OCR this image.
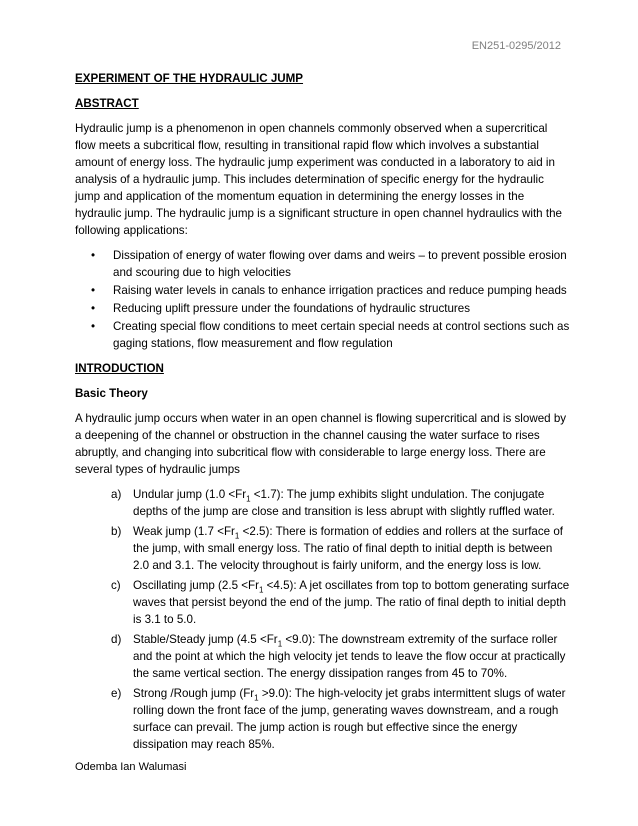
EN251-0295/2012
EXPERIMENT OF THE HYDRAULIC JUMP
ABSTRACT

Hydraulic jump is a phenomenon in open channels commonly observed when a supercritical flow meets a subcritical flow, resulting in transitional rapid flow which involves a substantial amount of energy loss. The hydraulic jump experiment was conducted in a laboratory to aid in analysis of a hydraulic jump. This includes determination of specific energy for the hydraulic jump and application of the momentum equation in determining the energy losses in the hydraulic jump. The hydraulic jump is a significant structure in open channel hydraulics with the following applications:

• Dissipation of energy of water flowing over dams and weirs – to prevent possible erosion and scouring due to high velocities
• Raising water levels in canals to enhance irrigation practices and reduce pumping heads
• Reducing uplift pressure under the foundations of hydraulic structures
• Creating special flow conditions to meet certain special needs at control sections such as gaging stations, flow measurement and flow regulation
INTRODUCTION
Basic Theory

A hydraulic jump occurs when water in an open channel is flowing supercritical and is slowed by a deepening of the channel or obstruction in the channel causing the water surface to rises abruptly, and changing into subcritical flow with considerable to large energy loss. There are several types of hydraulic jumps

a) Undular jump $(1.0 <Fr_1 <1.7)$: The jump exhibits slight undulation. The conjugate depths of the jump are close and transition is less abrupt with slightly ruffled water.
b) Weak jump $(1.7 <Fr_1 <2.5)$: There is formation of eddies and rollers at the surface of the jump, with small energy loss. The ratio of final depth to initial depth is between 2.0 and 3.1. The velocity throughout is fairly uniform, and the energy loss is low.
c) Oscillating jump $(2.5 <Fr_1 <4.5)$: A jet oscillates from top to bottom generating surface waves that persist beyond the end of the jump. The ratio of final depth to initial depth is 3.1 to 5.0.
d) Stable/Steady jump $(4.5 <Fr_1 <9.0)$: The downstream extremity of the surface roller and the point at which the high velocity jet tends to leave the flow occur at practically the same vertical section. The energy dissipation ranges from 45 to 70%.
e) Strong /Rough jump $(Fr_1 >9.0)$: The high-velocity jet grabs intermittent slugs of water rolling down the front face of the jump, generating waves downstream, and a rough surface can prevail. The jump action is rough but effective since the energy dissipation may reach 85%.
Odemba Ian Walumasi
